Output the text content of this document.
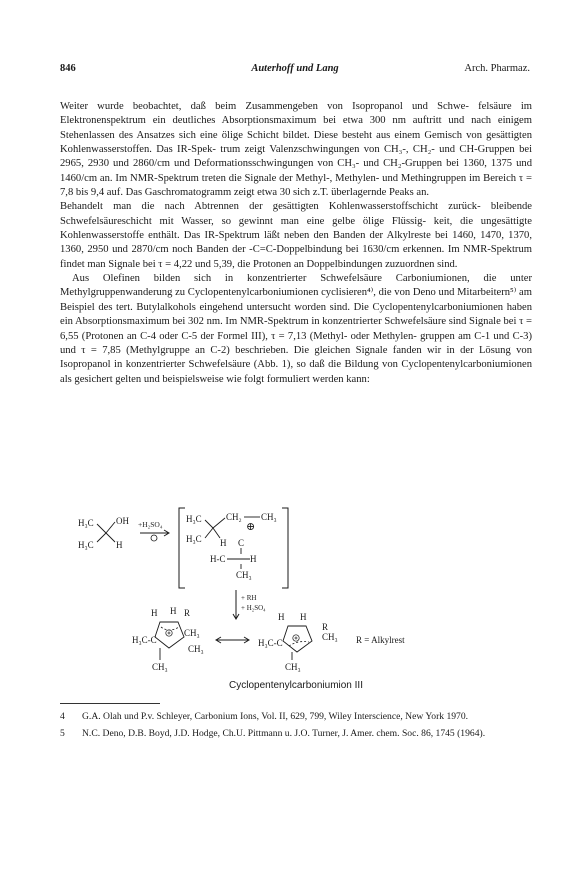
846	Auterhoff und Lang	Arch. Pharmaz.

Weiter wurde beobachtet, daß beim Zusammengeben von Isopropanol und Schwe- felsäure im Elektronenspektrum ein deutliches Absorptionsmaximum bei etwa 300 nm auftritt und nach einigem Stehenlassen des Ansatzes sich eine ölige Schicht bildet. Diese besteht aus einem Gemisch von gesättigten Kohlenwasserstoffen. Das IR-Spek- trum zeigt Valenzschwingungen von CH₃-, CH₂- und CH-Gruppen bei 2965, 2930 und 2860/cm und Deformationsschwingungen von CH₃- und CH₂-Gruppen bei 1360, 1375 und 1460/cm an. Im NMR-Spektrum treten die Signale der Methyl-, Methylen- und Methingruppen im Bereich τ = 7,8 bis 9,4 auf. Das Gaschromatogramm zeigt etwa 30 sich z.T. überlagernde Peaks an.

Behandelt man die nach Abtrennen der gesättigten Kohlenwasserstoffschicht zurück- bleibende Schwefelsäureschicht mit Wasser, so gewinnt man eine gelbe ölige Flüssig- keit, die ungesättigte Kohlenwasserstoffe enthält. Das IR-Spektrum läßt neben den Banden der Alkylreste bei 1460, 1470, 1370, 1360, 2950 und 2870/cm noch Banden der -C=C-Doppelbindung bei 1630/cm erkennen. Im NMR-Spektrum findet man Signale bei τ = 4,22 und 5,39, die Protonen an Doppelbindungen zuzuordnen sind.

Aus Olefinen bilden sich in konzentrierter Schwefelsäure Carboniumionen, die unter Methylgruppenwanderung zu Cyclopentenylcarboniumionen cyclisieren⁴⁾, die von Deno und Mitarbeitern⁵⁾ am Beispiel des tert. Butylalkohols eingehend untersucht worden sind. Die Cyclopentenylcarboniumionen haben ein Absorptionsmaximum bei 302 nm. Im NMR-Spektrum in konzentrierter Schwefelsäure sind Signale bei τ = 6,55 (Protonen an C-4 oder C-5 der Formel III), τ = 7,13 (Methyl- oder Methylen- gruppen am C-1 und C-3) und τ = 7,85 (Methylgruppe an C-2) beschrieben. Die gleichen Signale fanden wir in der Lösung von Isopropanol in konzentrierter Schwefelsäure (Abb. 1), so daß die Bildung von Cyclopentenylcarboniumionen als gesichert gelten und beispielsweise wie folgt formuliert werden kann:

H₃C OH
H₃C H
+H₂SO₄
H₃C	CH₂ CH₃
⊕
H₃C H C
H-C	H
CH₃
+ RH
+ H₂SO₄
H H R
CH₃
H₃C-C
CH₃
CH₃
H H
R
CH₃
H₃C-C
CH₃
R = Alkylrest
Cyclopentenylcarboniumion III
4 G.A. Olah und P.v. Schleyer, Carbonium Ions, Vol. II, 629, 799, Wiley Interscience, New York 1970.
5 N.C. Deno, D.B. Boyd, J.D. Hodge, Ch.U. Pittmann u. J.O. Turner, J. Amer. chem. Soc. 86, 1745 (1964).
